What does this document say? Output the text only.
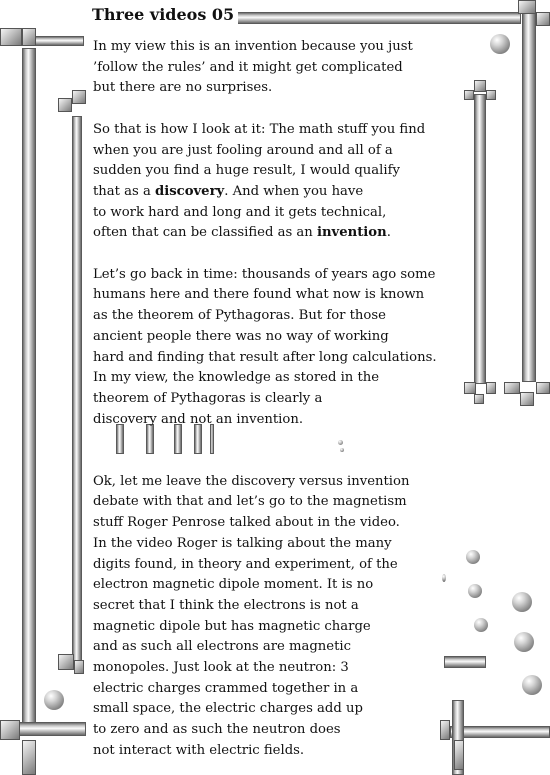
Three videos 05

In my view this is an invention because you just
’follow the rules’ and it might get complicated
but there are no surprises.

So that is how I look at it: The math stuff you find
when you are just fooling around and all of a
sudden you find a huge result, I would qualify
that as a discovery. And when you have
to work hard and long and it gets technical,
often that can be classified as an invention.

Let’s go back in time: thousands of years ago some
humans here and there found what now is known
as the theorem of Pythagoras. But for those
ancient people there was no way of working
hard and finding that result after long calculations.
In my view, the knowledge as stored in the
theorem of Pythagoras is clearly a
discovery and not an invention.

Ok, let me leave the discovery versus invention
debate with that and let’s go to the magnetism
stuff Roger Penrose talked about in the video.
In the video Roger is talking about the many
digits found, in theory and experiment, of the
electron magnetic dipole moment. It is no
secret that I think the electrons is not a
magnetic dipole but has magnetic charge
and as such all electrons are magnetic
monopoles. Just look at the neutron: 3
electric charges crammed together in a
small space, the electric charges add up
to zero and as such the neutron does
not interact with electric fields.
